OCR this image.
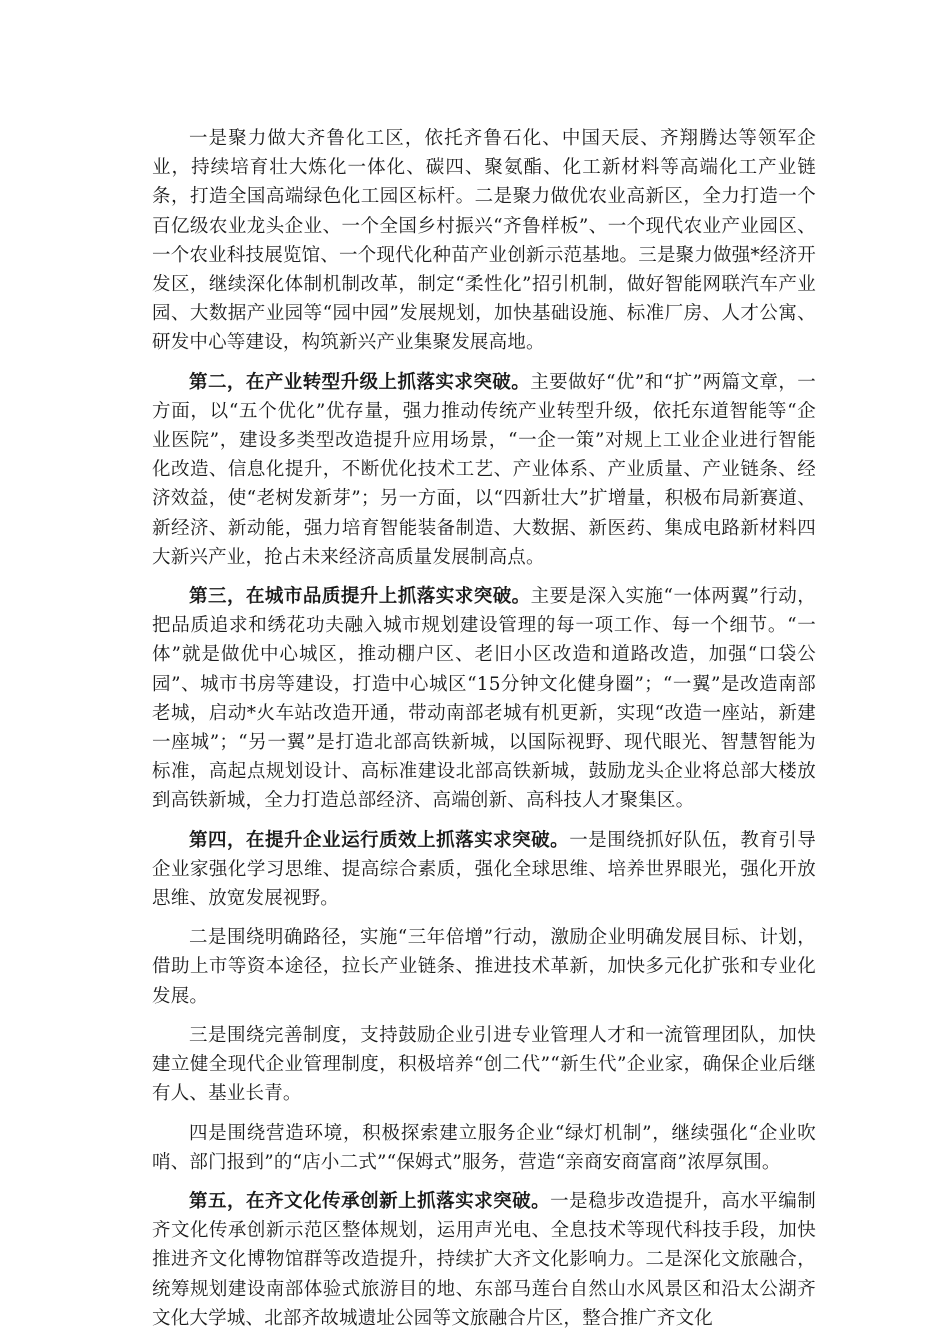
一是聚力做大齐鲁化工区，依托齐鲁石化、中国天辰、齐翔腾达等领军企业，持续培育壮大炼化一体化、碳四、聚氨酯、化工新材料等高端化工产业链条，打造全国高端绿色化工园区标杆。二是聚力做优农业高新区，全力打造一个百亿级农业龙头企业、一个全国乡村振兴“齐鲁样板”、一个现代农业产业园区、一个农业科技展览馆、一个现代化种苗产业创新示范基地。三是聚力做强*经济开发区，继续深化体制机制改革，制定“柔性化”招引机制，做好智能网联汽车产业园、大数据产业园等“园中园”发展规划，加快基础设施、标准厂房、人才公寓、研发中心等建设，构筑新兴产业集聚发展高地。

第二，在产业转型升级上抓落实求突破。主要做好“优”和“扩”两篇文章，一方面，以“五个优化”优存量，强力推动传统产业转型升级，依托东道智能等“企业医院”，建设多类型改造提升应用场景，“一企一策”对规上工业企业进行智能化改造、信息化提升，不断优化技术工艺、产业体系、产业质量、产业链条、经济效益，使“老树发新芽”；另一方面，以“四新壮大”扩增量，积极布局新赛道、新经济、新动能，强力培育智能装备制造、大数据、新医药、集成电路新材料四大新兴产业，抢占未来经济高质量发展制高点。

第三，在城市品质提升上抓落实求突破。主要是深入实施“一体两翼”行动，把品质追求和绣花功夫融入城市规划建设管理的每一项工作、每一个细节。“一体”就是做优中心城区，推动棚户区、老旧小区改造和道路改造，加强“口袋公园”、城市书房等建设，打造中心城区“15分钟文化健身圈”；“一翼”是改造南部老城，启动*火车站改造开通，带动南部老城有机更新，实现“改造一座站，新建一座城”；“另一翼”是打造北部高铁新城，以国际视野、现代眼光、智慧智能为标准，高起点规划设计、高标准建设北部高铁新城，鼓励龙头企业将总部大楼放到高铁新城，全力打造总部经济、高端创新、高科技人才聚集区。

第四，在提升企业运行质效上抓落实求突破。一是围绕抓好队伍，教育引导企业家强化学习思维、提高综合素质，强化全球思维、培养世界眼光，强化开放思维、放宽发展视野。

二是围绕明确路径，实施“三年倍增”行动，激励企业明确发展目标、计划，借助上市等资本途径，拉长产业链条、推进技术革新，加快多元化扩张和专业化发展。

三是围绕完善制度，支持鼓励企业引进专业管理人才和一流管理团队，加快建立健全现代企业管理制度，积极培养“创二代”“新生代”企业家，确保企业后继有人、基业长青。

四是围绕营造环境，积极探索建立服务企业“绿灯机制”，继续强化“企业吹哨、部门报到”的“店小二式”“保姆式”服务，营造“亲商安商富商”浓厚氛围。

第五，在齐文化传承创新上抓落实求突破。一是稳步改造提升，高水平编制齐文化传承创新示范区整体规划，运用声光电、全息技术等现代科技手段，加快推进齐文化博物馆群等改造提升，持续扩大齐文化影响力。二是深化文旅融合，统筹规划建设南部体验式旅游目的地、东部马莲台自然山水风景区和沿太公湖齐文化大学城、北部齐故城遗址公园等文旅融合片区，整合推广齐文化
